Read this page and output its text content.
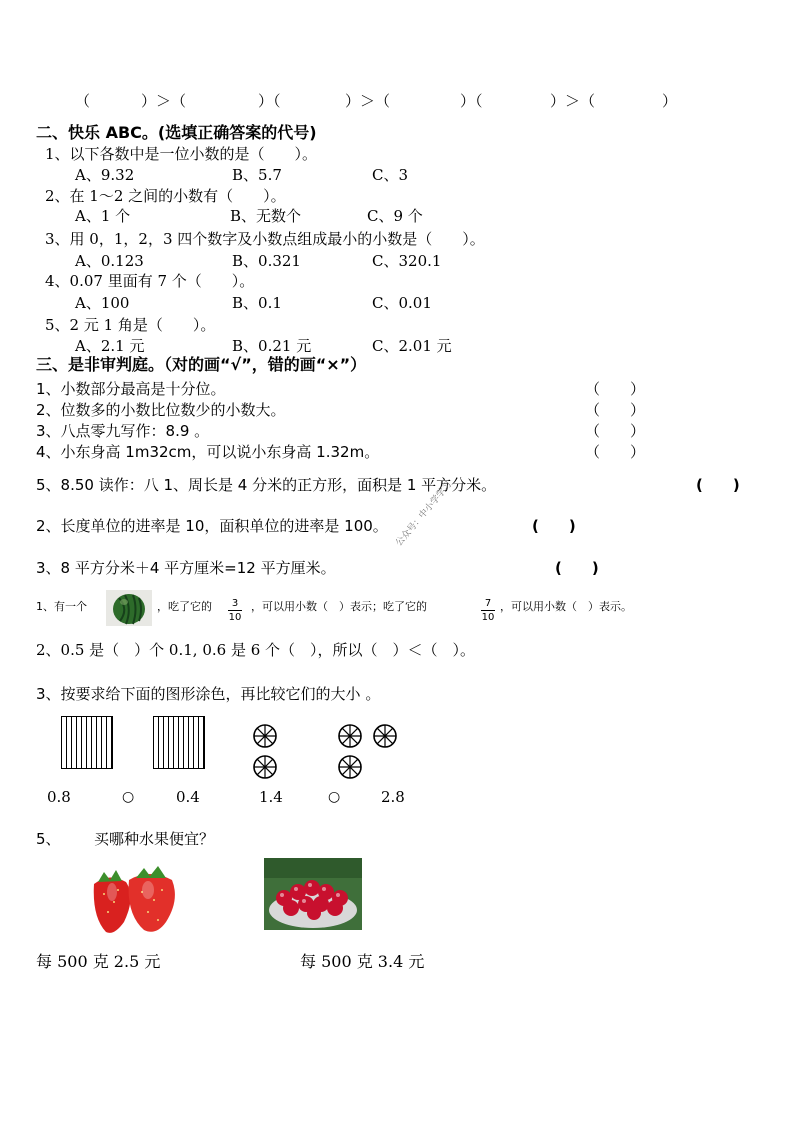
（	）＞（	）（	）＞（	）（	）＞（	）
二、快乐 ABC。(选填正确答案的代号)
1、以下各数中是一位小数的是（　　）。
A、9.32	B、5.7	C、3
2、在 1～2 之间的小数有（　　）。
A、1 个	B、无数个	C、9 个
3、用 0，1，2，3 四个数字及小数点组成最小的小数是（　　）。
A、0.123	B、0.321	C、320.1
4、0.07 里面有 7 个（　　）。
A、100	B、0.1	C、0.01
5、2 元 1 角是（　　）。
A、2.1 元	B、0.21 元	C、2.01 元
三、是非审判庭。（对的画“√”，错的画“×”）
1、小数部分最高是十分位。	（　　）
2、位数多的小数比位数少的小数大。	（　　）
3、八点零九写作：8.9 。	（　　）
4、小东身高 1m32cm，可以说小东身高 1.32m。	（　　）
5、8.50 读作：八 1、周长是 4 分米的正方形，面积是 1 平方分米。	(　　)
2、长度单位的进率是 10，面积单位的进率是 100。	(　　)
3、8 平方分米＋4 平方厘米=12 平方厘米。	(　　)
公众号：中小学学习
1、有一个	，吃了它的 $\frac{3}{10}$ ，可以用小数（　）表示；吃了它的	$\frac{7}{10}$ ，可以用小数（　）表示。
2、0.5 是（　）个 0.1, 0.6 是 6 个（　），所以（　）＜（　）。
3、按要求给下面的图形涂色，再比较它们的大小 。
0.8	○	0.4	1.4	○	2.8
5、 买哪种水果便宜？
每 500 克 2.5 元	每 500 克 3.4 元
